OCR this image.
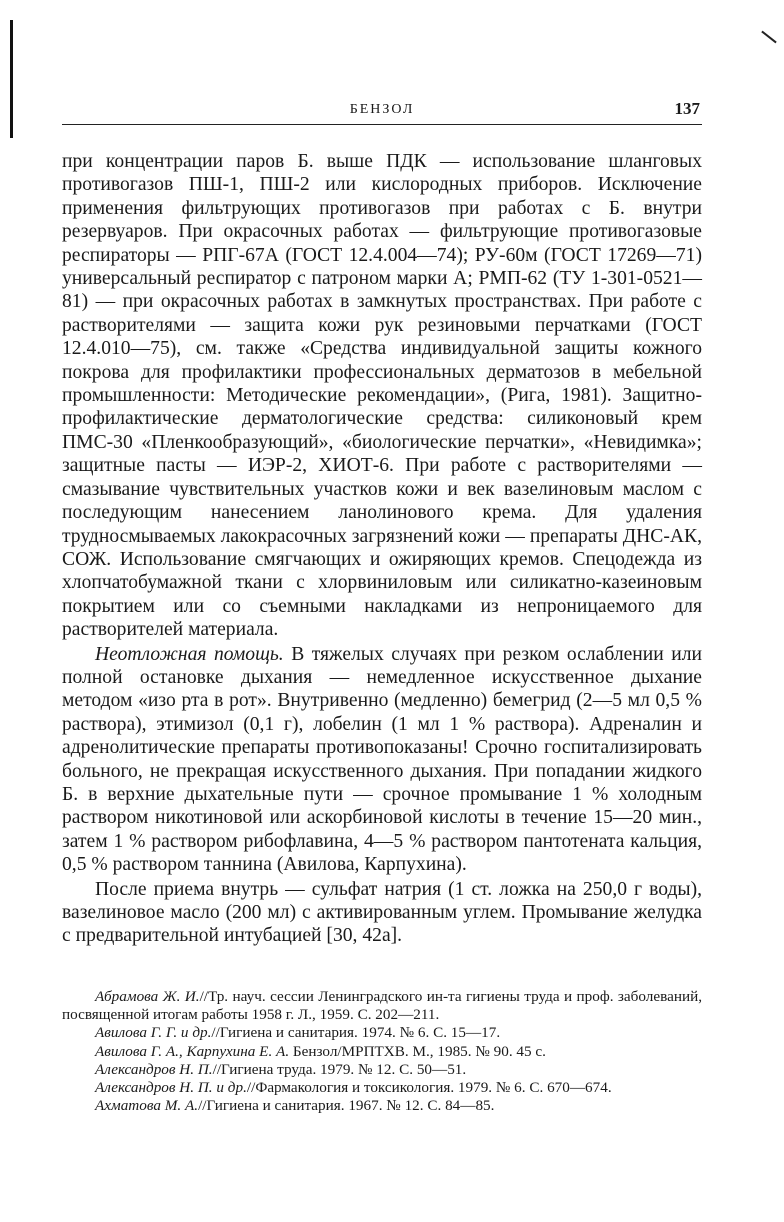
БЕНЗОЛ	137

при концентрации паров Б. выше ПДК — использование шланговых противогазов ПШ-1, ПШ-2 или кислородных приборов. Исключение применения фильтрующих противогазов при работах с Б. внутри резервуаров. При окрасочных работах — фильтрующие противогазовые респираторы — РПГ-67А (ГОСТ 12.4.004—74); РУ-60м (ГОСТ 17269—71) универсальный респиратор с патроном марки А; РМП-62 (ТУ 1-301-0521—81) — при окрасочных работах в замкнутых пространствах. При работе с растворителями — защита кожи рук резиновыми перчатками (ГОСТ 12.4.010—75), см. также «Средства индивидуальной защиты кожного покрова для профилактики профессиональных дерматозов в мебельной промышленности: Методические рекомендации», (Рига, 1981). Защитно-профилактические дерматологические средства: силиконовый крем ПМС-30 «Пленкообразующий», «биологические перчатки», «Невидимка»; защитные пасты — ИЭР-2, ХИОТ-6. При работе с растворителями — смазывание чувствительных участков кожи и век вазелиновым маслом с последующим нанесением ланолинового крема. Для удаления трудносмываемых лакокрасочных загрязнений кожи — препараты ДНС-АК, СОЖ. Использование смягчающих и ожиряющих кремов. Спецодежда из хлопчатобумажной ткани с хлорвиниловым или силикатно-казеиновым покрытием или со съемными накладками из непроницаемого для растворителей материала.

Неотложная помощь. В тяжелых случаях при резком ослаблении или полной остановке дыхания — немедленное искусственное дыхание методом «изо рта в рот». Внутривенно (медленно) бемегрид (2—5 мл 0,5 % раствора), этимизол (0,1 г), лобелин (1 мл 1 % раствора). Адреналин и адренолитические препараты противопоказаны! Срочно госпитализировать больного, не прекращая искусственного дыхания. При попадании жидкого Б. в верхние дыхательные пути — срочное промывание 1 % холодным раствором никотиновой или аскорбиновой кислоты в течение 15—20 мин., затем 1 % раствором рибофлавина, 4—5 % раствором пантотената кальция, 0,5 % раствором таннина (Авилова, Карпухина).

После приема внутрь — сульфат натрия (1 ст. ложка на 250,0 г воды), вазелиновое масло (200 мл) с активированным углем. Промывание желудка с предварительной интубацией [30, 42а].

Абрамова Ж. И.//Тр. науч. сессии Ленинградского ин-та гигиены труда и проф. заболеваний, посвященной итогам работы 1958 г. Л., 1959. С. 202—211.

Авилова Г. Г. и др.//Гигиена и санитария. 1974. № 6. С. 15—17.

Авилова Г. А., Карпухина Е. А. Бензол/МРПТХВ. М., 1985. № 90. 45 с.

Александров Н. П.//Гигиена труда. 1979. № 12. С. 50—51.

Александров Н. П. и др.//Фармакология и токсикология. 1979. № 6. С. 670—674.

Ахматова М. А.//Гигиена и санитария. 1967. № 12. С. 84—85.
